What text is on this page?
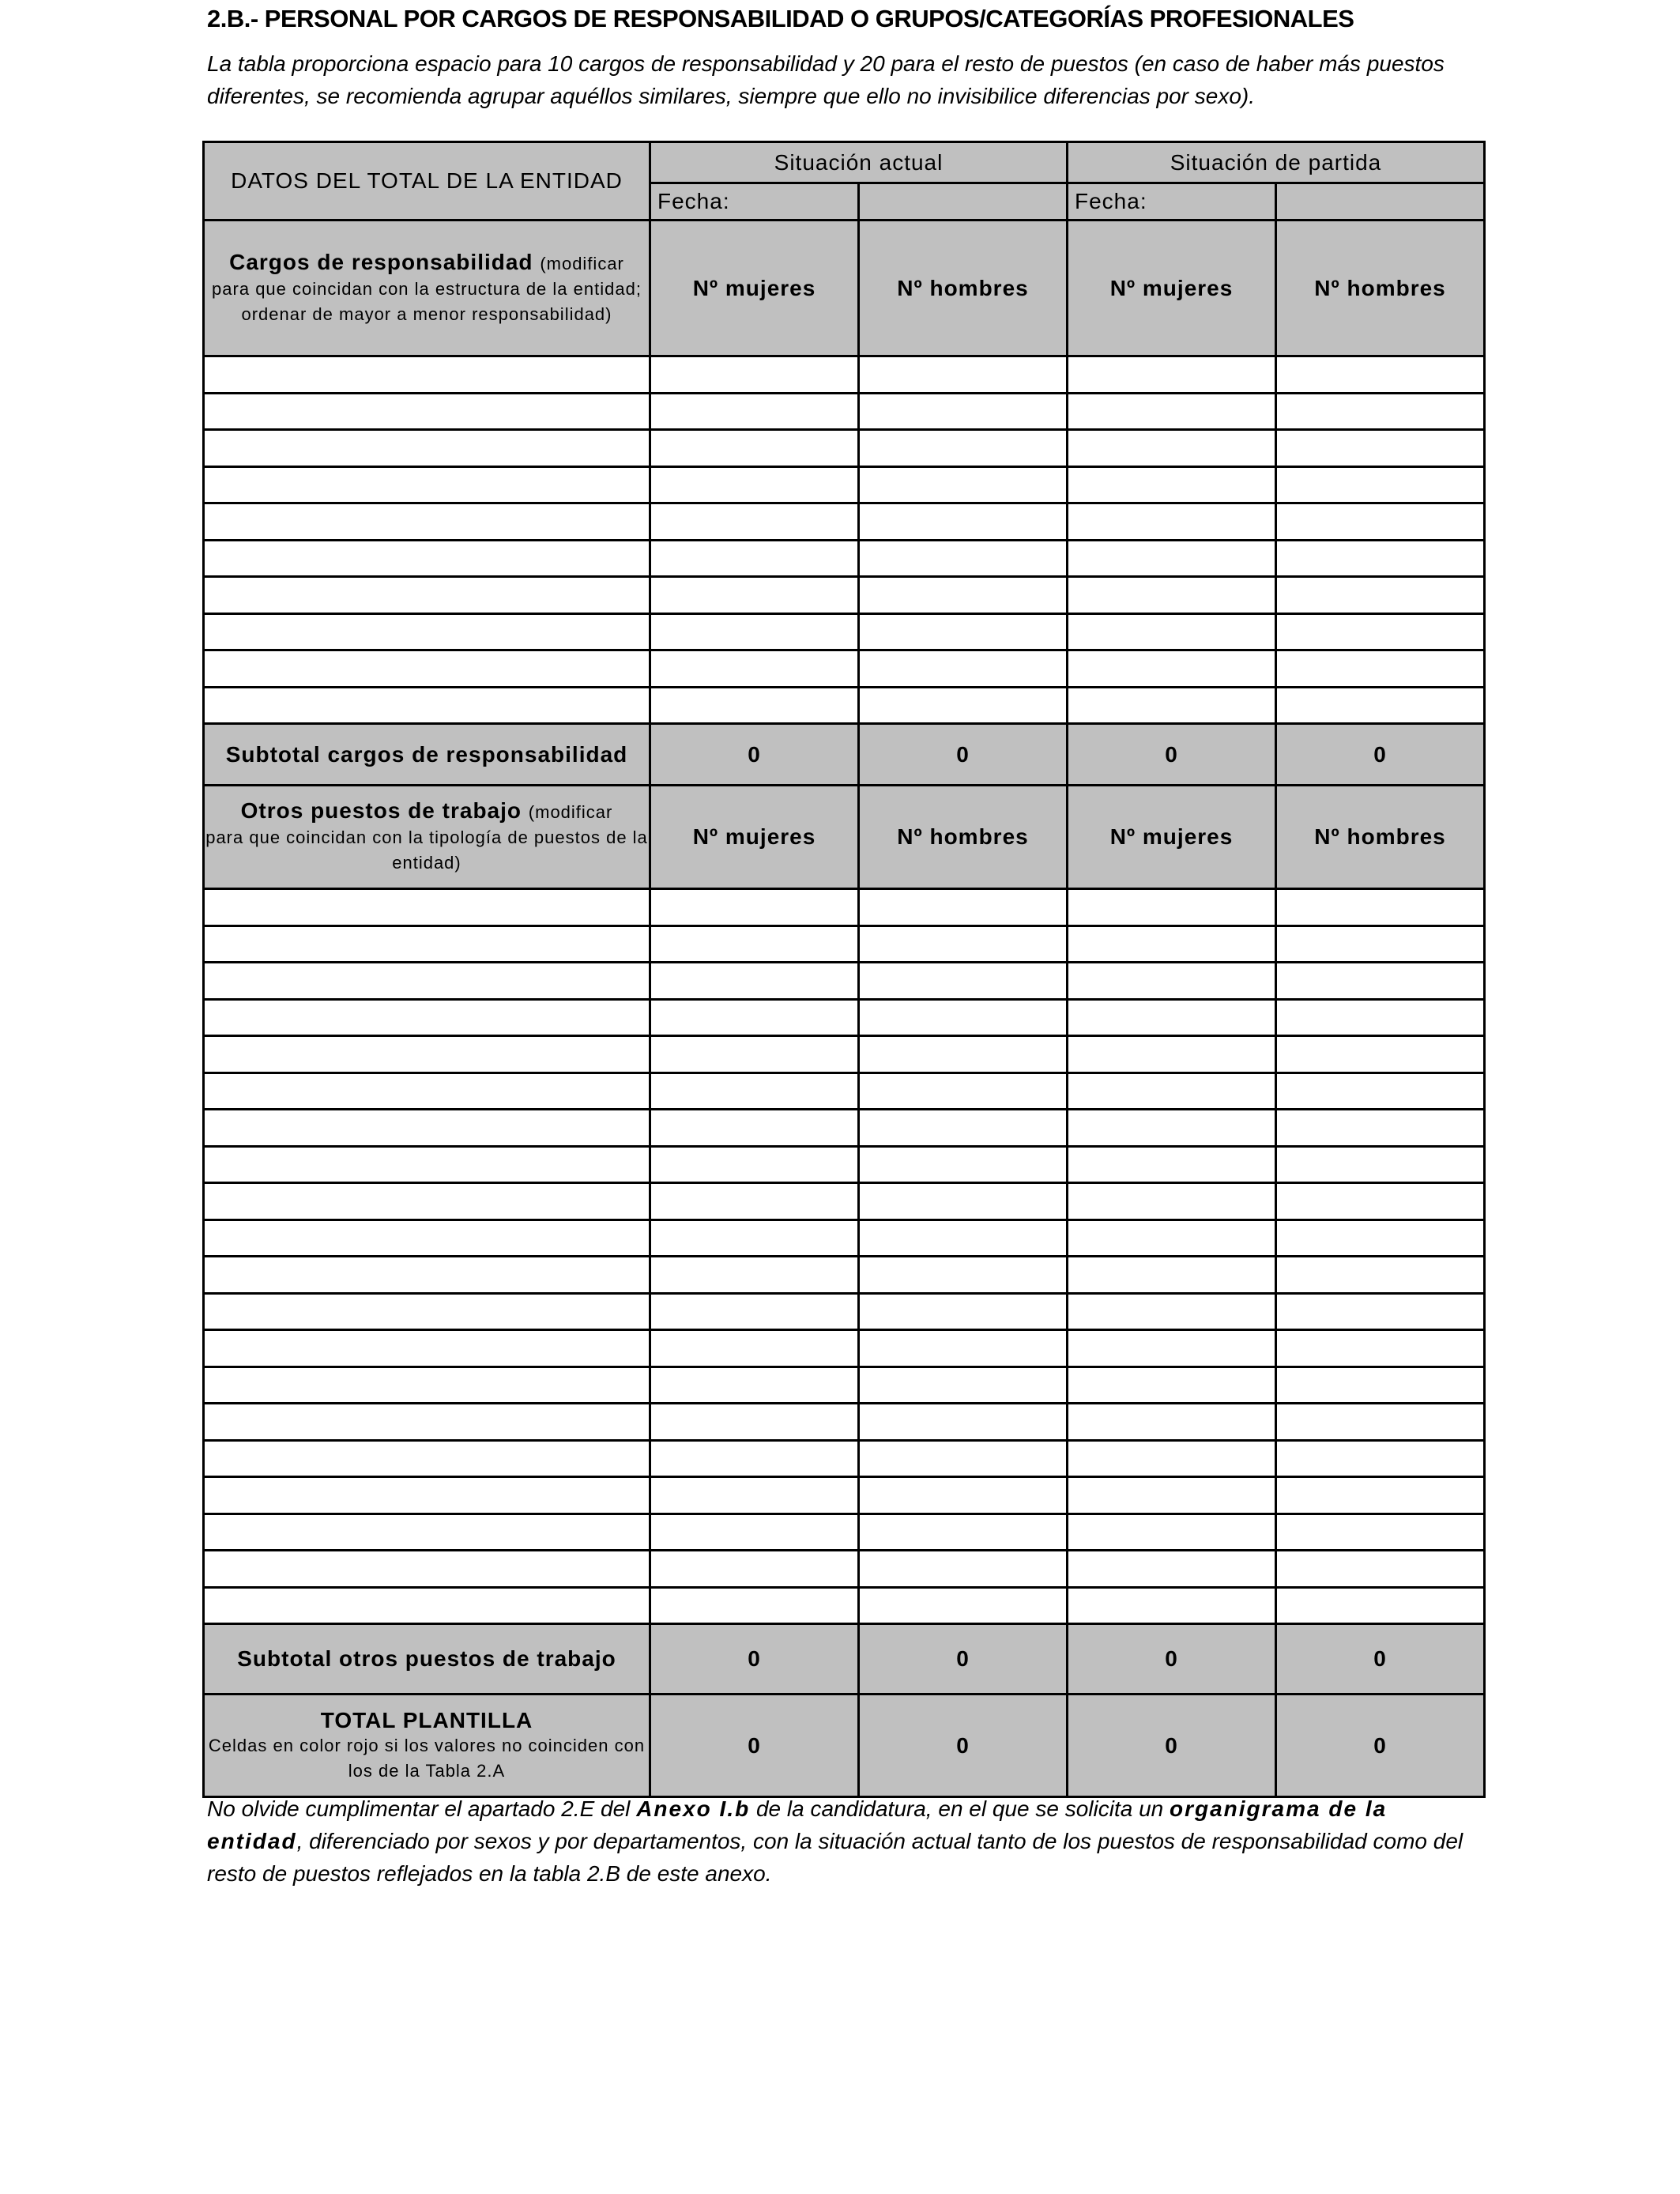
2.B.- PERSONAL POR CARGOS DE RESPONSABILIDAD O GRUPOS/CATEGORÍAS PROFESIONALES
La tabla proporciona espacio para 10 cargos de responsabilidad y 20 para el resto de puestos (en caso de haber más puestos diferentes, se recomienda agrupar aquéllos similares, siempre que ello no invisibilice diferencias por sexo).
DATOS DEL TOTAL DE LA ENTIDAD	Situación actual		Situación de partida	
	Fecha:		Fecha:	

Cargos de responsabilidad (modificar
para que coincidan con la estructura de la entidad; ordenar de mayor a menor responsabilidad)	Nº mujeres	Nº hombres	Nº mujeres	Nº hombres

Subtotal cargos de responsabilidad	0	0	0	0

Otros puestos de trabajo (modificar
para que coincidan con la tipología de puestos de la entidad)	Nº mujeres	Nº hombres	Nº mujeres	Nº hombres

Subtotal otros puestos de trabajo	0	0	0	0

TOTAL PLANTILLA
Celdas en color rojo si los valores no coinciden con los de la Tabla 2.A	0	0	0	0
No olvide cumplimentar el apartado 2.E del Anexo I.b de la candidatura, en el que se solicita un organigrama de la entidad, diferenciado por sexos y por departamentos, con la situación actual tanto de los puestos de responsabilidad como del resto de puestos reflejados en la tabla 2.B de este anexo.
